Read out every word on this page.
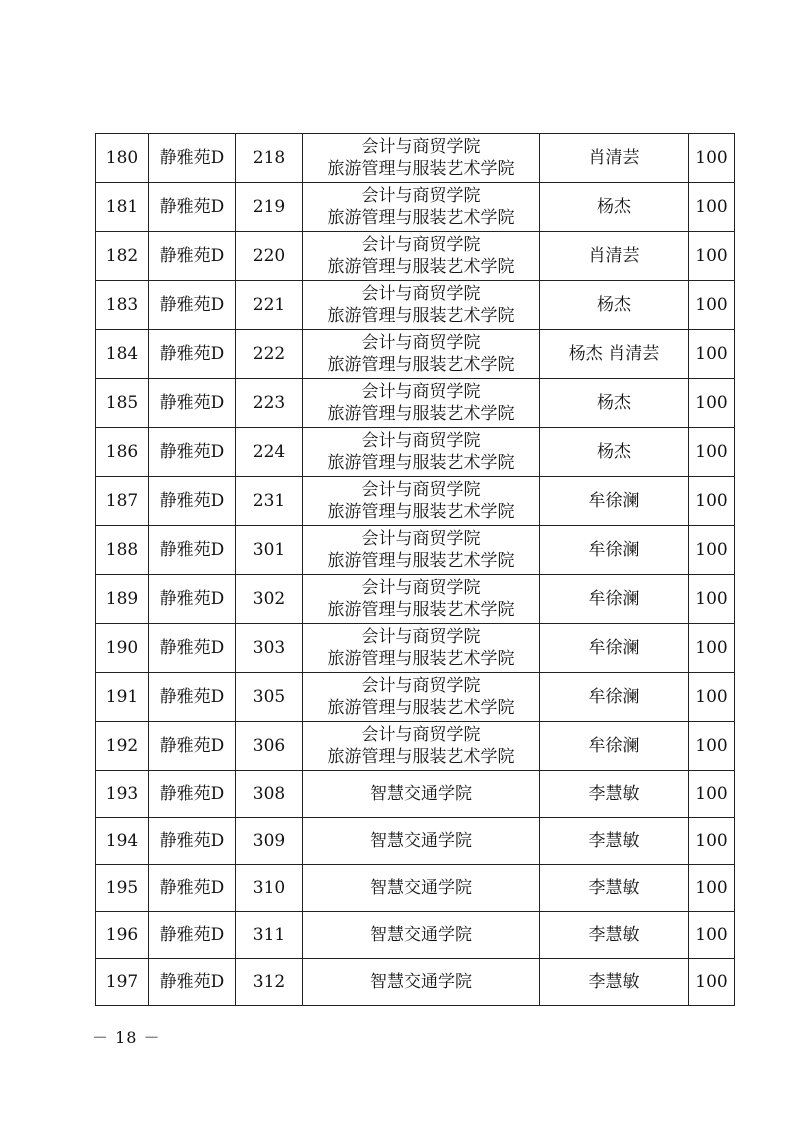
180	静雅苑D	218	会计与商贸学院
旅游管理与服装艺术学院	肖清芸	100
181	静雅苑D	219	会计与商贸学院
旅游管理与服装艺术学院	杨杰	100
182	静雅苑D	220	会计与商贸学院
旅游管理与服装艺术学院	肖清芸	100
183	静雅苑D	221	会计与商贸学院
旅游管理与服装艺术学院	杨杰	100
184	静雅苑D	222	会计与商贸学院
旅游管理与服装艺术学院	杨杰 肖清芸	100
185	静雅苑D	223	会计与商贸学院
旅游管理与服装艺术学院	杨杰	100
186	静雅苑D	224	会计与商贸学院
旅游管理与服装艺术学院	杨杰	100
187	静雅苑D	231	会计与商贸学院
旅游管理与服装艺术学院	牟徐澜	100
188	静雅苑D	301	会计与商贸学院
旅游管理与服装艺术学院	牟徐澜	100
189	静雅苑D	302	会计与商贸学院
旅游管理与服装艺术学院	牟徐澜	100
190	静雅苑D	303	会计与商贸学院
旅游管理与服装艺术学院	牟徐澜	100
191	静雅苑D	305	会计与商贸学院
旅游管理与服装艺术学院	牟徐澜	100
192	静雅苑D	306	会计与商贸学院
旅游管理与服装艺术学院	牟徐澜	100
193	静雅苑D	308	智慧交通学院	李慧敏	100
194	静雅苑D	309	智慧交通学院	李慧敏	100
195	静雅苑D	310	智慧交通学院	李慧敏	100
196	静雅苑D	311	智慧交通学院	李慧敏	100
197	静雅苑D	312	智慧交通学院	李慧敏	100
－ 18 －
